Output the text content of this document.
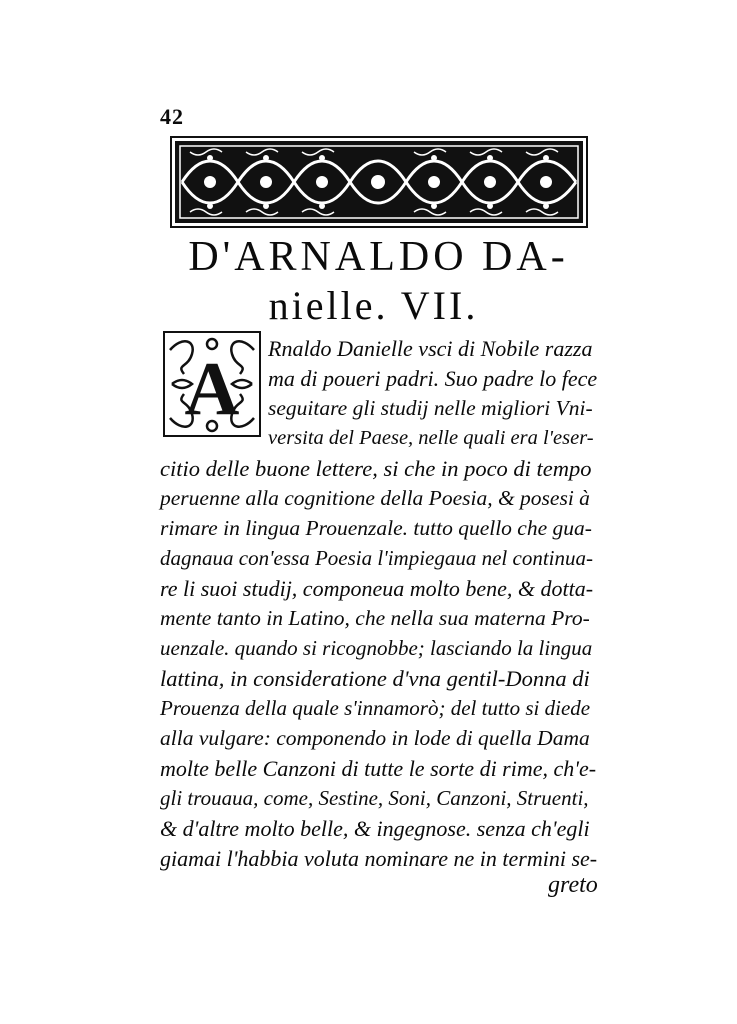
42
D'ARNALDO DA-
nielle. VII.
A Rnaldo Danielle vsci di Nobile razza
ma di poueri padri. Suo padre lo fece
seguitare gli studij nelle migliori Vni-
versita del Paese, nelle quali era l'eser-
citio delle buone lettere, si che in poco di tempo
peruenne alla cognitione della Poesia, & posesi à
rimare in lingua Prouenzale. tutto quello che gua-
dagnaua con'essa Poesia l'impiegaua nel continua-
re li suoi studij, componeua molto bene, & dotta-
mente tanto in Latino, che nella sua materna Pro-
uenzale. quando si ricognobbe; lasciando la lingua
lattina, in consideratione d'vna gentil-Donna di
Prouenza della quale s'innamorò; del tutto si diede
alla vulgare: componendo in lode di quella Dama
molte belle Canzoni di tutte le sorte di rime, ch'e-
gli trouaua, come, Sestine, Soni, Canzoni, Struenti,
& d'altre molto belle, & ingegnose. senza ch'egli
giamai l'habbia voluta nominare ne in termini se-
greto
